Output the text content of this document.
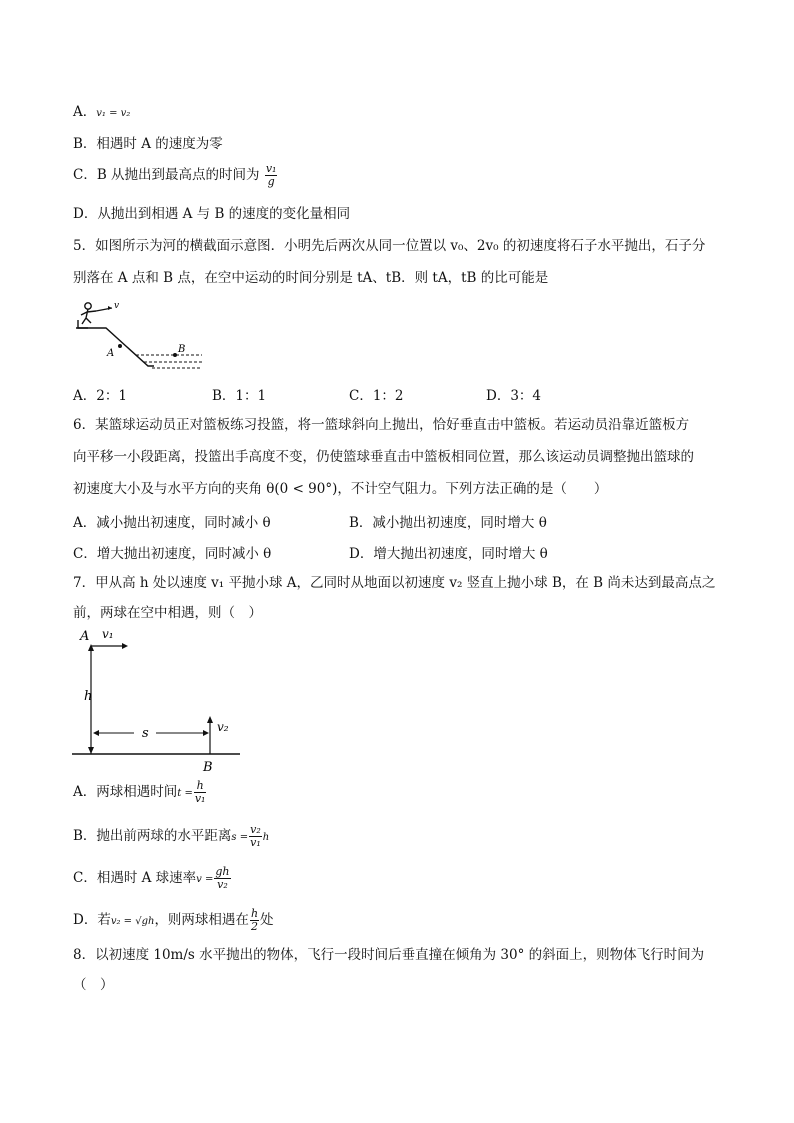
A．v₁ = v₂
B．相遇时 A 的速度为零
C．B 从抛出到最高点的时间为 $\frac{\text{v₁}}{g}$
D．从抛出到相遇 A 与 B 的速度的变化量相同
5．如图所示为河的横截面示意图．小明先后两次从同一位置以 v₀、2v₀ 的初速度将石子水平抛出，石子分
别落在 A 点和 B 点，在空中运动的时间分别是 tA、tB．则 tA，tB 的比可能是
v
A	B
A．2：1	B．1：1	C．1：2	D．3：4
6．某篮球运动员正对篮板练习投篮，将一篮球斜向上抛出，恰好垂直击中篮板。若运动员沿靠近篮板方
向平移一小段距离，投篮出手高度不变，仍使篮球垂直击中篮板相同位置，那么该运动员调整抛出篮球的
初速度大小及与水平方向的夹角 θ(0 < 90°)，不计空气阻力。下列方法正确的是（　　）
A．减小抛出初速度，同时减小 θ	B．减小抛出初速度，同时增大 θ
C．增大抛出初速度，同时减小 θ	D．增大抛出初速度，同时增大 θ
7．甲从高 h 处以速度 v₁ 平抛小球 A，乙同时从地面以初速度 v₂ 竖直上抛小球 B，在 B 尚未达到最高点之
前，两球在空中相遇，则（　）
A v₁
h
s	v₂
B
A．两球相遇时间$t = \frac{h}{\text{v₁}}$
B．抛出前两球的水平距离$s = \frac{\text{v₂}}{\text{v₁}}$ h
C．相遇时 A 球速率$v = \frac{gh}{\text{v₂}}$
D．若v₂ = √gh，则两球相遇在 $\frac{h}{2}$ 处
8．以初速度 10m/s 水平抛出的物体，飞行一段时间后垂直撞在倾角为 30° 的斜面上，则物体飞行时间为
（　）
